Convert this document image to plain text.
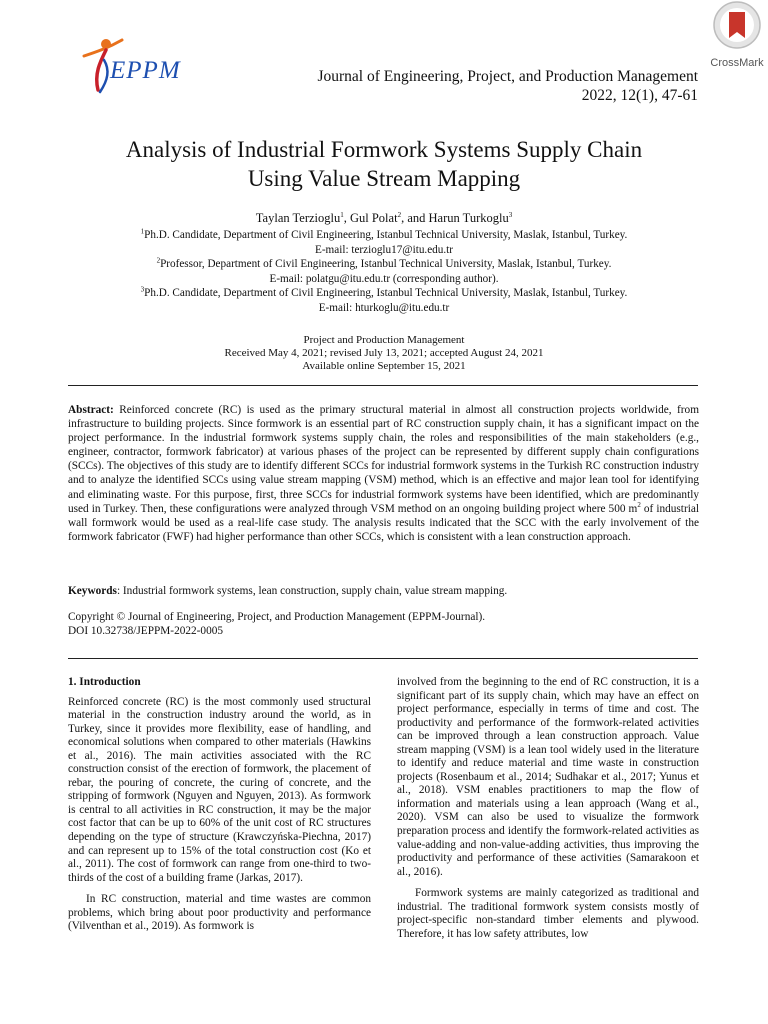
EPPM	CrossMark
Journal of Engineering, Project, and Production Management
2022, 12(1), 47-61
Analysis of Industrial Formwork Systems Supply Chain
Using Value Stream Mapping
Taylan Terzioglu$^1$, Gul Polat$^2$, and Harun Turkoglu$^3$
$^1$Ph.D. Candidate, Department of Civil Engineering, Istanbul Technical University, Maslak, Istanbul, Turkey.
E-mail: terzioglu17@itu.edu.tr
$^2$Professor, Department of Civil Engineering, Istanbul Technical University, Maslak, Istanbul, Turkey.
E-mail: polatgu@itu.edu.tr (corresponding author).
$^3$Ph.D. Candidate, Department of Civil Engineering, Istanbul Technical University, Maslak, Istanbul, Turkey.
E-mail: hturkoglu@itu.edu.tr
Project and Production Management
Received May 4, 2021; revised July 13, 2021; accepted August 24, 2021
Available online September 15, 2021
Abstract: Reinforced concrete (RC) is used as the primary structural material in almost all construction projects worldwide, from infrastructure to building projects. Since formwork is an essential part of RC construction supply chain, it has a significant impact on the project performance. In the industrial formwork systems supply chain, the roles and responsibilities of the main stakeholders (e.g., engineer, contractor, formwork fabricator) at various phases of the project can be represented by different supply chain configurations (SCCs). The objectives of this study are to identify different SCCs for industrial formwork systems in the Turkish RC construction industry and to analyze the identified SCCs using value stream mapping (VSM) method, which is an effective and major lean tool for identifying and eliminating waste. For this purpose, first, three SCCs for industrial formwork systems have been identified, which are predominantly used in Turkey. Then, these configurations were analyzed through VSM method on an ongoing building project where 500 $m^2$ of industrial wall formwork would be used as a real-life case study. The analysis results indicated that the SCC with the early involvement of the formwork fabricator (FWF) had higher performance than other SCCs, which is consistent with a lean construction approach.
Keywords: Industrial formwork systems, lean construction, supply chain, value stream mapping.
Copyright © Journal of Engineering, Project, and Production Management (EPPM-Journal).
DOI 10.32738/JEPPM-2022-0005
1. Introduction

Reinforced concrete (RC) is the most commonly used structural material in the construction industry around the world, as in Turkey, since it provides more flexibility, ease of handling, and economical solutions when compared to other materials (Hawkins et al., 2016). The main activities associated with the RC construction consist of the erection of formwork, the placement of rebar, the pouring of concrete, the curing of concrete, and the stripping of formwork (Nguyen and Nguyen, 2013). As formwork is central to all activities in RC construction, it may be the major cost factor that can be up to 60% of the unit cost of RC structures depending on the type of structure (Krawczyńska-Piechna, 2017) and can represent up to 15% of the total construction cost (Ko et al., 2011). The cost of formwork can range from one-third to two-thirds of the cost of a building frame (Jarkas, 2017).

In RC construction, material and time wastes are common problems, which bring about poor productivity and performance (Vilventhan et al., 2019). As formwork is

involved from the beginning to the end of RC construction, it is a significant part of its supply chain, which may have an effect on project performance, especially in terms of time and cost. The productivity and performance of the formwork-related activities can be improved through a lean construction approach. Value stream mapping (VSM) is a lean tool widely used in the literature to identify and reduce material and time waste in construction projects (Rosenbaum et al., 2014; Sudhakar et al., 2017; Yunus et al., 2018). VSM enables practitioners to map the flow of information and materials using a lean approach (Wang et al., 2020). VSM can also be used to visualize the formwork preparation process and identify the formwork-related activities as value-adding and non-value-adding activities, thus improving the productivity and performance of these activities (Samarakoon et al., 2016).

Formwork systems are mainly categorized as traditional and industrial. The traditional formwork system consists mostly of project-specific non-standard timber elements and plywood. Therefore, it has low safety attributes, low
